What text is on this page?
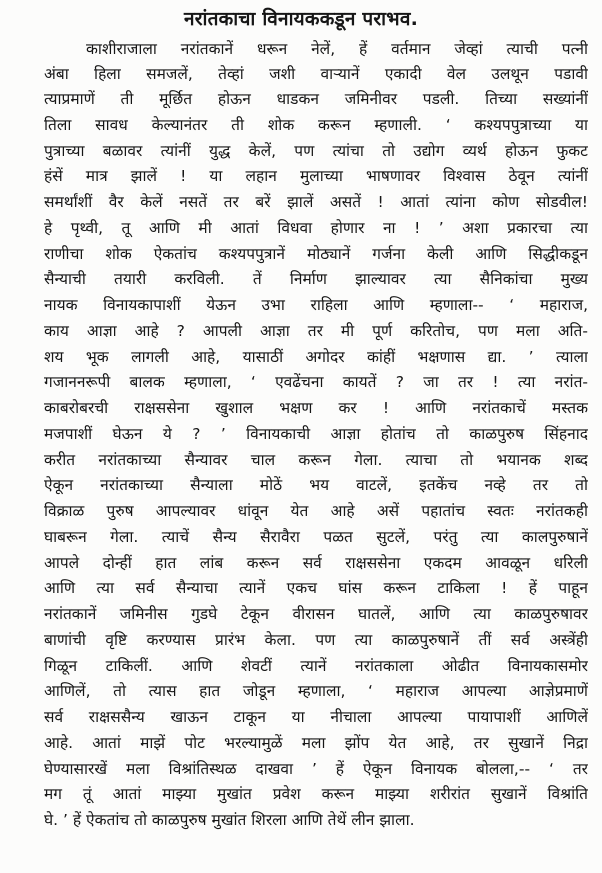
नरांतकाचा विनायककडून पराभव.
काशीराजाला नरांतकानें धरून नेलें, हें वर्तमान जेव्हां त्याची पत्नी
अंबा हिला समजलें, तेव्हां जशी वाऱ्यानें एकादी वेल उलथून पडावी
त्याप्रमाणें ती मूर्छित होऊन धाडकन जमिनीवर पडली. तिच्या सख्यांनीं
तिला सावध केल्यानंतर ती शोक करून म्हणाली. ‘ कश्यपपुत्राच्या या
पुत्राच्या बळावर त्यांनीं युद्ध केलें, पण त्यांचा तो उद्योग व्यर्थ होऊन फुकट
हंसें मात्र झालें ! या लहान मुलाच्या भाषणावर विश्वास ठेवून त्यांनीं
समर्थांशीं वैर केलें नसतें तर बरें झालें असतें ! आतां त्यांना कोण सोडवील!
हे पृथ्वी, तू आणि मी आतां विधवा होणार ना ! ’ अशा प्रकारचा त्या
राणीचा शोक ऐकतांच कश्यपपुत्रानें मोठ्यानें गर्जना केली आणि सिद्धीकडून
सैन्याची तयारी करविली. तें निर्माण झाल्यावर त्या सैनिकांचा मुख्य
नायक विनायकापाशीं येऊन उभा राहिला आणि म्हणाला-- ‘ महाराज,
काय आज्ञा आहे ? आपली आज्ञा तर मी पूर्ण करितोच, पण मला अति-
शय भूक लागली आहे, यासाठीं अगोदर कांहीं भक्षणास द्या. ’ त्याला
गजाननरूपी बालक म्हणाला, ‘ एवढेंचना कायतें ? जा तर ! त्या नरांत-
काबरोबरची राक्षससेना खुशाल भक्षण कर ! आणि नरांतकाचें मस्तक
मजपाशीं घेऊन ये ? ’ विनायकाची आज्ञा होतांच तो काळपुरुष सिंहनाद
करीत नरांतकाच्या सैन्यावर चाल करून गेला. त्याचा तो भयानक शब्द
ऐकून नरांतकाच्या सैन्याला मोठें भय वाटलें, इतकेंच नव्हे तर तो
विक्राळ पुरुष आपल्यावर धांवून येत आहे असें पहातांच स्वतः नरांतकही
घाबरून गेला. त्याचें सैन्य सैरावैरा पळत सुटलें, परंतु त्या कालपुरुषानें
आपले दोन्हीं हात लांब करून सर्व राक्षससेना एकदम आवळून धरिली
आणि त्या सर्व सैन्याचा त्यानें एकच घांस करून टाकिला ! हें पाहून
नरांतकानें जमिनीस गुडघे टेकून वीरासन घातलें, आणि त्या काळपुरुषावर
बाणांची वृष्टि करण्यास प्रारंभ केला. पण त्या काळपुरुषानें तीं सर्व अस्त्रेंही
गिळून टाकिलीं. आणि शेवटीं त्यानें नरांतकाला ओढीत विनायकासमोर
आणिलें, तो त्यास हात जोडून म्हणाला, ‘ महाराज आपल्या आज्ञेप्रमाणें
सर्व राक्षससैन्य खाऊन टाकून या नीचाला आपल्या पायापाशीं आणिलें
आहे. आतां माझें पोट भरल्यामुळें मला झोंप येत आहे, तर सुखानें निद्रा
घेण्यासारखें मला विश्रांतिस्थळ दाखवा ’ हें ऐकून विनायक बोलला,-- ‘ तर
मग तूं आतां माझ्या मुखांत प्रवेश करून माझ्या शरीरांत सुखानें विश्रांति
घे. ’ हें ऐकतांच तो काळपुरुष मुखांत शिरला आणि तेथें लीन झाला.
